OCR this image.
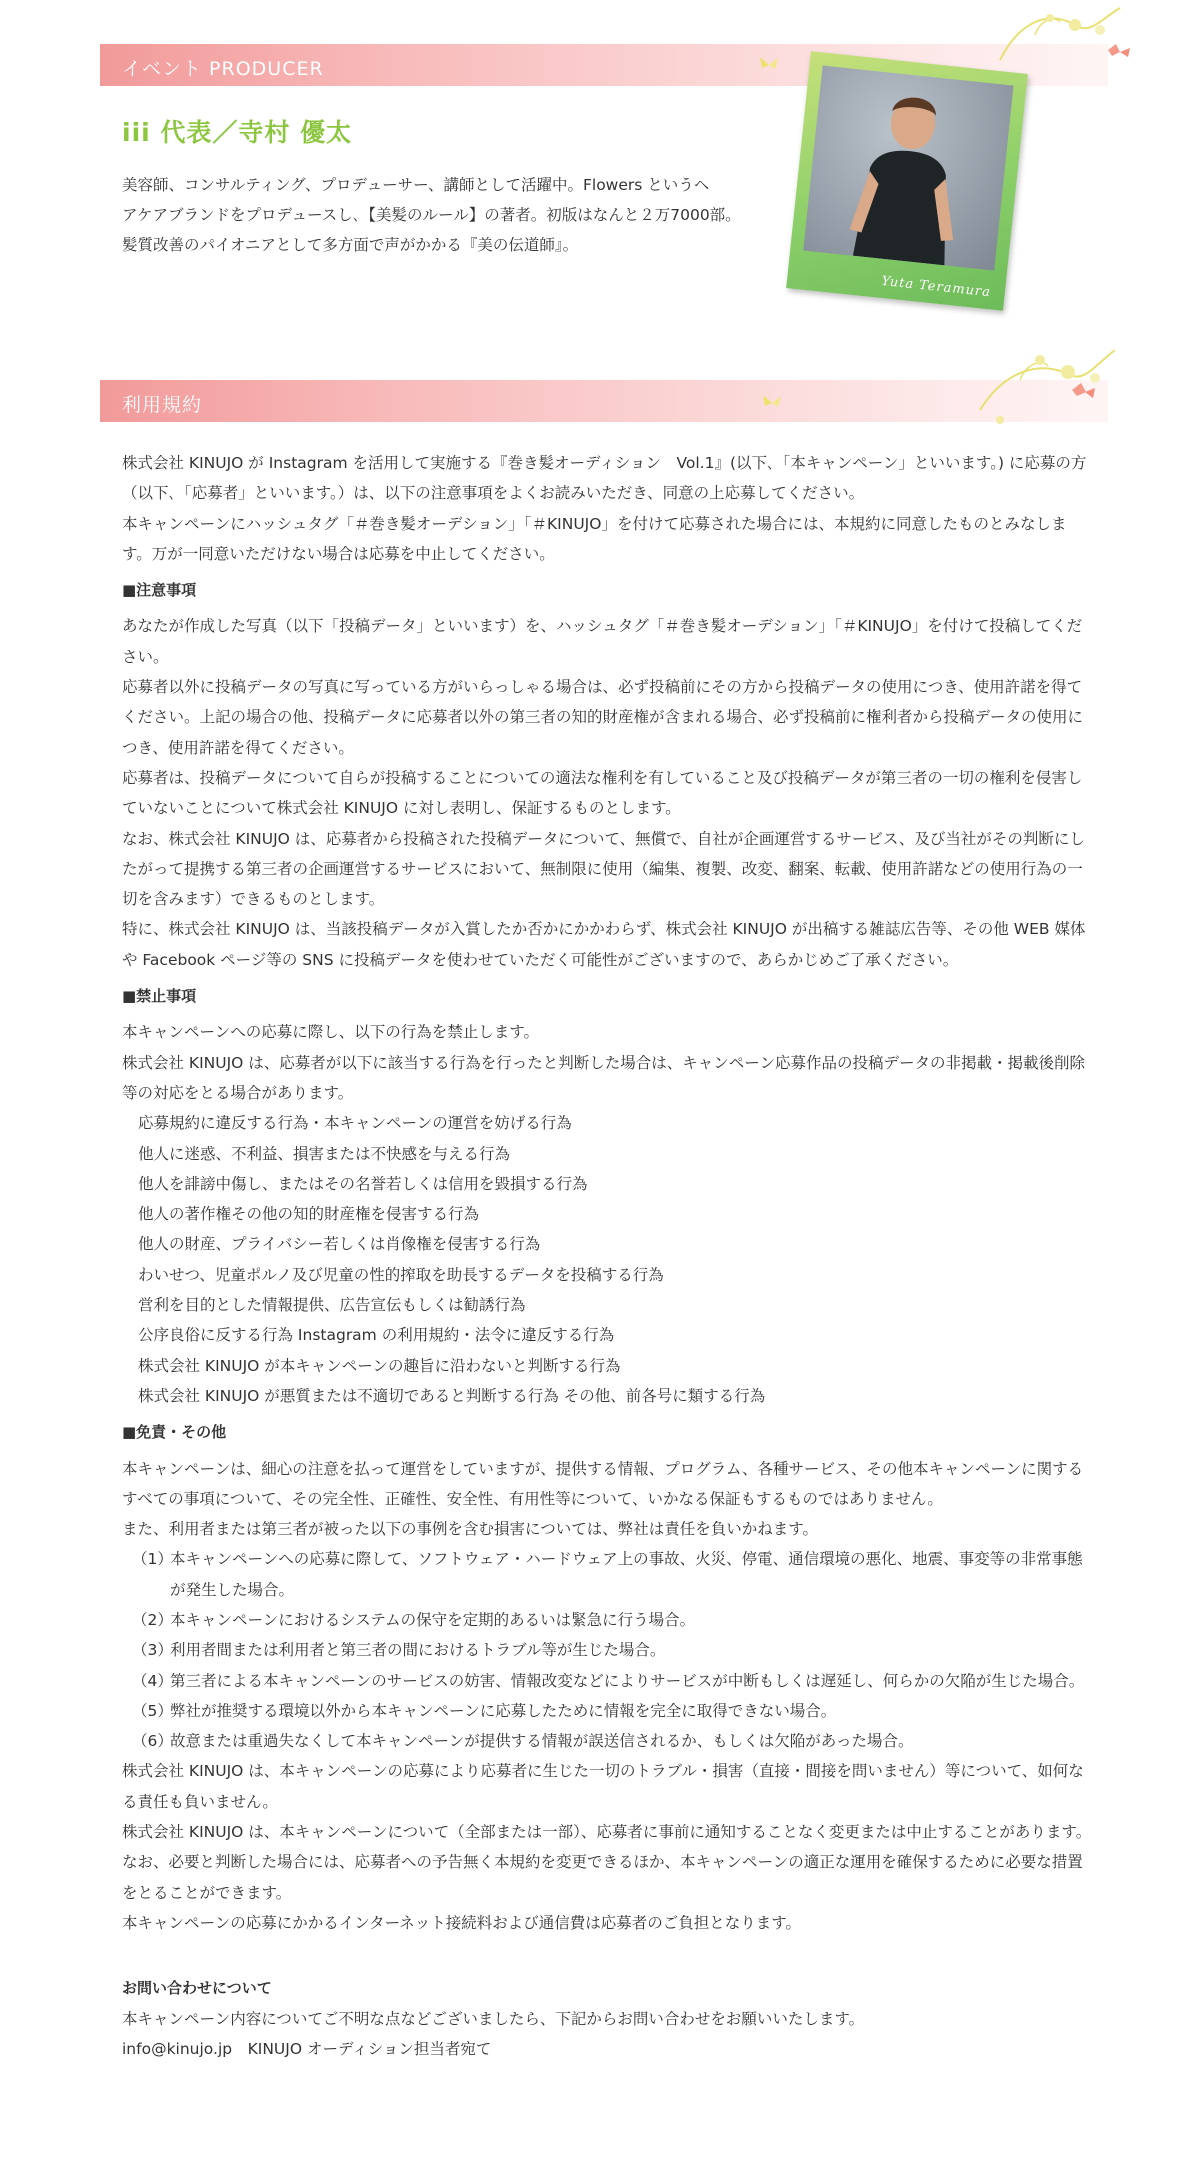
イベント PRODUCER
iii 代表／寺村 優太

美容師、コンサルティング、プロデューサー、講師として活躍中。Flowers というヘ

アケアブランドをプロデュースし､【美髪のルール】の著者。初版はなんと２万7000部。

髪質改善のパイオニアとして多方面で声がかかる『美の伝道師』。

Yuta Teramura
利用規約

株式会社 KINUJO が Instagram を活用して実施する『巻き髪オーディション　Vol.1』(以下､「本キャンペーン」といいます。) に応募の方（以下､「応募者」といいます。）は、以下の注意事項をよくお読みいただき、同意の上応募してください。

本キャンペーンにハッシュタグ「＃巻き髪オーデション」「＃KINUJO」を付けて応募された場合には、本規約に同意したものとみなします。万が一同意いただけない場合は応募を中止してください。

■注意事項

あなたが作成した写真（以下「投稿データ」といいます）を、ハッシュタグ「＃巻き髪オーデション」「＃KINUJO」を付けて投稿してください。

応募者以外に投稿データの写真に写っている方がいらっしゃる場合は、必ず投稿前にその方から投稿データの使用につき、使用許諾を得てください。上記の場合の他、投稿データに応募者以外の第三者の知的財産権が含まれる場合、必ず投稿前に権利者から投稿データの使用につき、使用許諾を得てください。

応募者は、投稿データについて自らが投稿することについての適法な権利を有していること及び投稿データが第三者の一切の権利を侵害していないことについて株式会社 KINUJO に対し表明し、保証するものとします。

なお、株式会社 KINUJO は、応募者から投稿された投稿データについて、無償で、自社が企画運営するサービス、及び当社がその判断にしたがって提携する第三者の企画運営するサービスにおいて、無制限に使用（編集、複製、改変、翻案、転載、使用許諾などの使用行為の一切を含みます）できるものとします。

特に、株式会社 KINUJO は、当該投稿データが入賞したか否かにかかわらず、株式会社 KINUJO が出稿する雑誌広告等、その他 WEB 媒体や Facebook ページ等の SNS に投稿データを使わせていただく可能性がございますので、あらかじめご了承ください。

■禁止事項

本キャンペーンへの応募に際し、以下の行為を禁止します。

株式会社 KINUJO は、応募者が以下に該当する行為を行ったと判断した場合は、キャンペーン応募作品の投稿データの非掲載・掲載後削除等の対応をとる場合があります。

応募規約に違反する行為・本キャンペーンの運営を妨げる行為

他人に迷惑、不利益、損害または不快感を与える行為

他人を誹謗中傷し、またはその名誉若しくは信用を毀損する行為

他人の著作権その他の知的財産権を侵害する行為

他人の財産、プライバシー若しくは肖像権を侵害する行為

わいせつ、児童ポルノ及び児童の性的搾取を助長するデータを投稿する行為

営利を目的とした情報提供、広告宣伝もしくは勧誘行為

公序良俗に反する行為 Instagram の利用規約・法令に違反する行為

株式会社 KINUJO が本キャンペーンの趣旨に沿わないと判断する行為

株式会社 KINUJO が悪質または不適切であると判断する行為 その他、前各号に類する行為

■免責・その他

本キャンペーンは、細心の注意を払って運営をしていますが、提供する情報、プログラム、各種サービス、その他本キャンペーンに関するすべての事項について、その完全性、正確性、安全性、有用性等について、いかなる保証もするものではありません。

また、利用者または第三者が被った以下の事例を含む損害については、弊社は責任を負いかねます。

（1）
本キャンペーンへの応募に際して、ソフトウェア・ハードウェア上の事故、火災、停電、通信環境の悪化、地震、事変等の非常事態が発生した場合。
（2）
本キャンペーンにおけるシステムの保守を定期的あるいは緊急に行う場合。
（3）
利用者間または利用者と第三者の間におけるトラブル等が生じた場合。
（4）
第三者による本キャンペーンのサービスの妨害、情報改変などによりサービスが中断もしくは遅延し、何らかの欠陥が生じた場合。
（5）
弊社が推奨する環境以外から本キャンペーンに応募したために情報を完全に取得できない場合。
（6）
故意または重過失なくして本キャンペーンが提供する情報が誤送信されるか、もしくは欠陥があった場合。

株式会社 KINUJO は、本キャンペーンの応募により応募者に生じた一切のトラブル・損害（直接・間接を問いません）等について、如何なる責任も負いません。

株式会社 KINUJO は、本キャンペーンについて（全部または一部）、応募者に事前に通知することなく変更または中止することがあります。なお、必要と判断した場合には、応募者への予告無く本規約を変更できるほか、本キャンペーンの適正な運用を確保するために必要な措置をとることができます。

本キャンペーンの応募にかかるインターネット接続料および通信費は応募者のご負担となります。

お問い合わせについて

本キャンペーン内容についてご不明な点などございましたら、下記からお問い合わせをお願いいたします。

info@kinujo.jp　KINUJO オーディション担当者宛て
